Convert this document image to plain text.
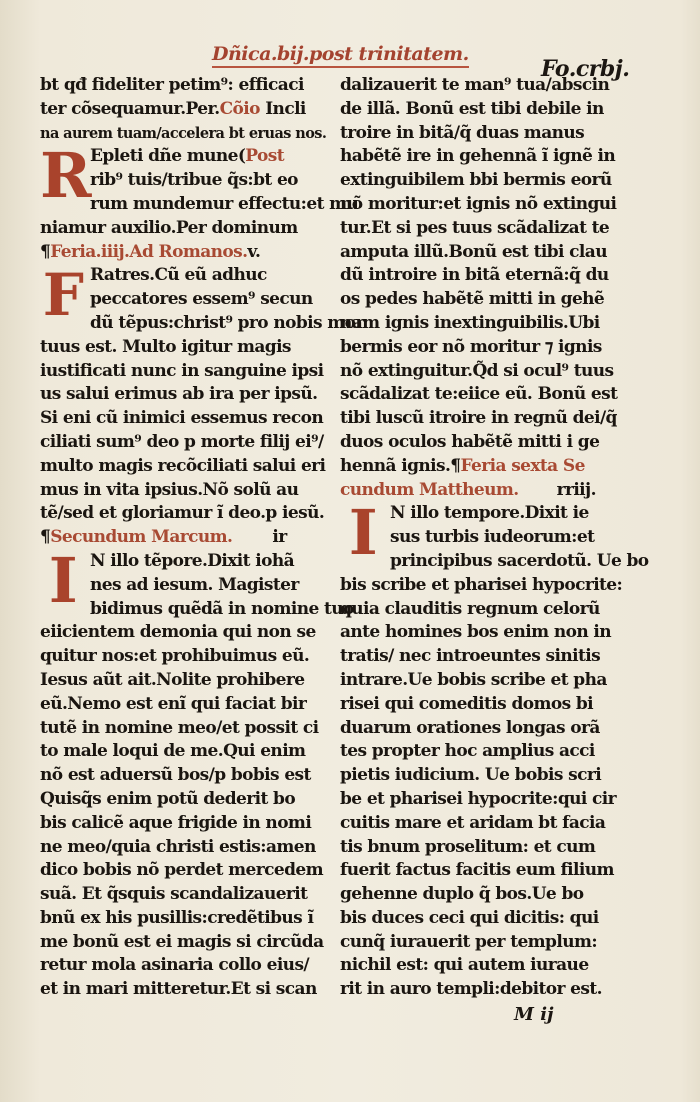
Dñica.bij.post trinitatem.
Fo.crbj.
bt qđ fideliter petim⁹: efficaci
ter cõsequamur.Per.Cõio Incli
na aurem tuam/accelera bt eruas nos.
R Epleti dñe mune(Post
rib⁹ tuis/tribue q̃s:bt eo
rum mundemur effectu:et mu
niamur auxilio.Per dominum
¶Feria.iiij.Ad Romanos.v.
F Ratres.Cũ eũ adhuc
peccatores essem⁹ secun
dũ tẽpus:christ⁹ pro nobis mor
tuus est. Multo igitur magis
iustificati nunc in sanguine ipsi
us salui erimus ab ira per ipsũ.
Si eni cũ inimici essemus recon
ciliati sum⁹ deo p morte filij ei⁹/
multo magis recõciliati salui eri
mus in vita ipsius.Nõ solũ au
tẽ/sed et gloriamur ĩ deo.p iesũ.
¶Secundum Marcum. ir
I N illo tẽpore.Dixit iohã
nes ad iesum. Magister
bidimus quẽdã in nomine tuo
eiicientem demonia qui non se
quitur nos:et prohibuimus eũ.
Iesus aũt ait.Nolite prohibere
eũ.Nemo est enĩ qui faciat bir
tutẽ in nomine meo/et possit ci
to male loqui de me.Qui enim
nõ est aduersũ bos/p bobis est
Quisq̃s enim potũ dederit bo
bis calicẽ aque frigide in nomi
ne meo/quia christi estis:amen
dico bobis nõ perdet mercedem
suã. Et q̃squis scandalizauerit
bnũ ex his pusillis:credẽtibus ĩ
me bonũ est ei magis si circũda
retur mola asinaria collo eius/
et in mari mitteretur.Et si scan
dalizauerit te man⁹ tua/abscin
de illã. Bonũ est tibi debile in
troire in bitã/q̃ duas manus
habẽtẽ ire in gehennã ĩ ignẽ in
extinguibilem bbi bermis eorũ
nõ moritur:et ignis nõ extingui
tur.Et si pes tuus scãdalizat te
amputa illũ.Bonũ est tibi clau
dũ introire in bitã eternã:q̃ du
os pedes habẽtẽ mitti in gehẽ
nam ignis inextinguibilis.Ubi
bermis eor nõ moritur ⁊ ignis
nõ extinguitur.Q̃d si ocul⁹ tuus
scãdalizat te:eiice eũ. Bonũ est
tibi luscũ itroire in regnũ dei/q̃
duos oculos habẽtẽ mitti i ge
hennã ignis.¶Feria sexta Se
cundum Mattheum. rriij.
I N illo tempore.Dixit ie
sus turbis iudeorum:et
principibus sacerdotũ. Ue bo
bis scribe et pharisei hypocrite:
quia clauditis regnum celorũ
ante homines bos enim non in
tratis/ nec introeuntes sinitis
intrare.Ue bobis scribe et pha
risei qui comeditis domos bi
duarum orationes longas orã
tes propter hoc amplius acci
pietis iudicium. Ue bobis scri
be et pharisei hypocrite:qui cir
cuitis mare et aridam bt facia
tis bnum proselitum: et cum
fuerit factus facitis eum filium
gehenne duplo q̃ bos.Ue bo
bis duces ceci qui dicitis: qui
cunq̃ iurauerit per templum:
nichil est: qui autem iuraue
rit in auro templi:debitor est.
M ij
